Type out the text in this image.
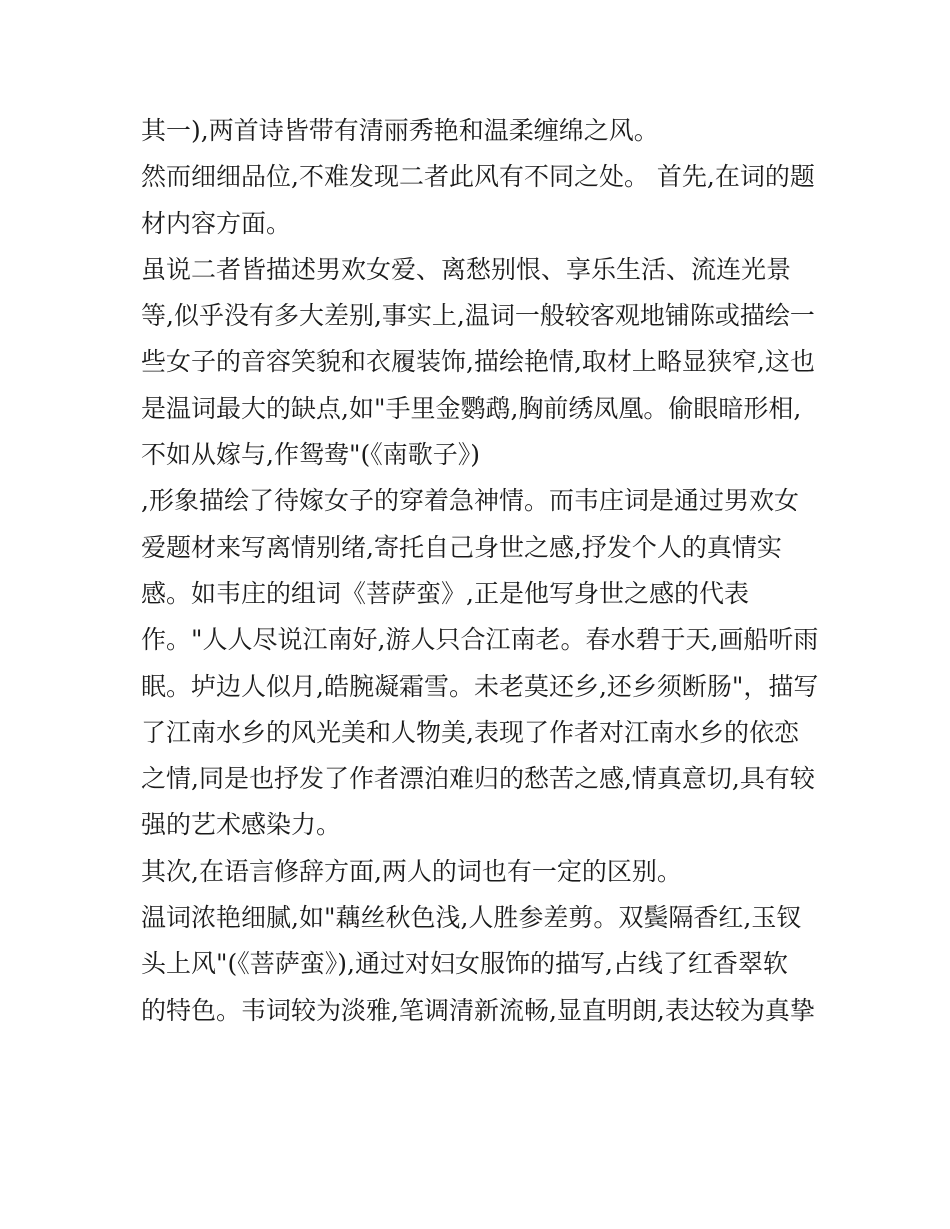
其一),两首诗皆带有清丽秀艳和温柔缠绵之风。
然而细细品位,不难发现二者此风有不同之处。 首先,在词的题
材内容方面。
虽说二者皆描述男欢女爱、离愁别恨、享乐生活、流连光景
等,似乎没有多大差别,事实上,温词一般较客观地铺陈或描绘一
些女子的音容笑貌和衣履装饰,描绘艳情,取材上略显狭窄,这也
是温词最大的缺点,如"手里金鹦鹉,胸前绣凤凰。偷眼暗形相,
不如从嫁与,作鸳鸯"(《南歌子》)
,形象描绘了待嫁女子的穿着急神情。而韦庄词是通过男欢女
爱题材来写离情别绪,寄托自己身世之感,抒发个人的真情实
感。如韦庄的组词《菩萨蛮》,正是他写身世之感的代表
作。"人人尽说江南好,游人只合江南老。春水碧于天,画船听雨
眠。垆边人似月,皓腕凝霜雪。未老莫还乡,还乡须断肠"，描写
了江南水乡的风光美和人物美,表现了作者对江南水乡的依恋
之情,同是也抒发了作者漂泊难归的愁苦之感,情真意切,具有较
强的艺术感染力。
其次,在语言修辞方面,两人的词也有一定的区别。
温词浓艳细腻,如"藕丝秋色浅,人胜参差剪。双鬓隔香红,玉钗
头上风"(《菩萨蛮》),通过对妇女服饰的描写,占线了红香翠软
的特色。韦词较为淡雅,笔调清新流畅,显直明朗,表达较为真挚
